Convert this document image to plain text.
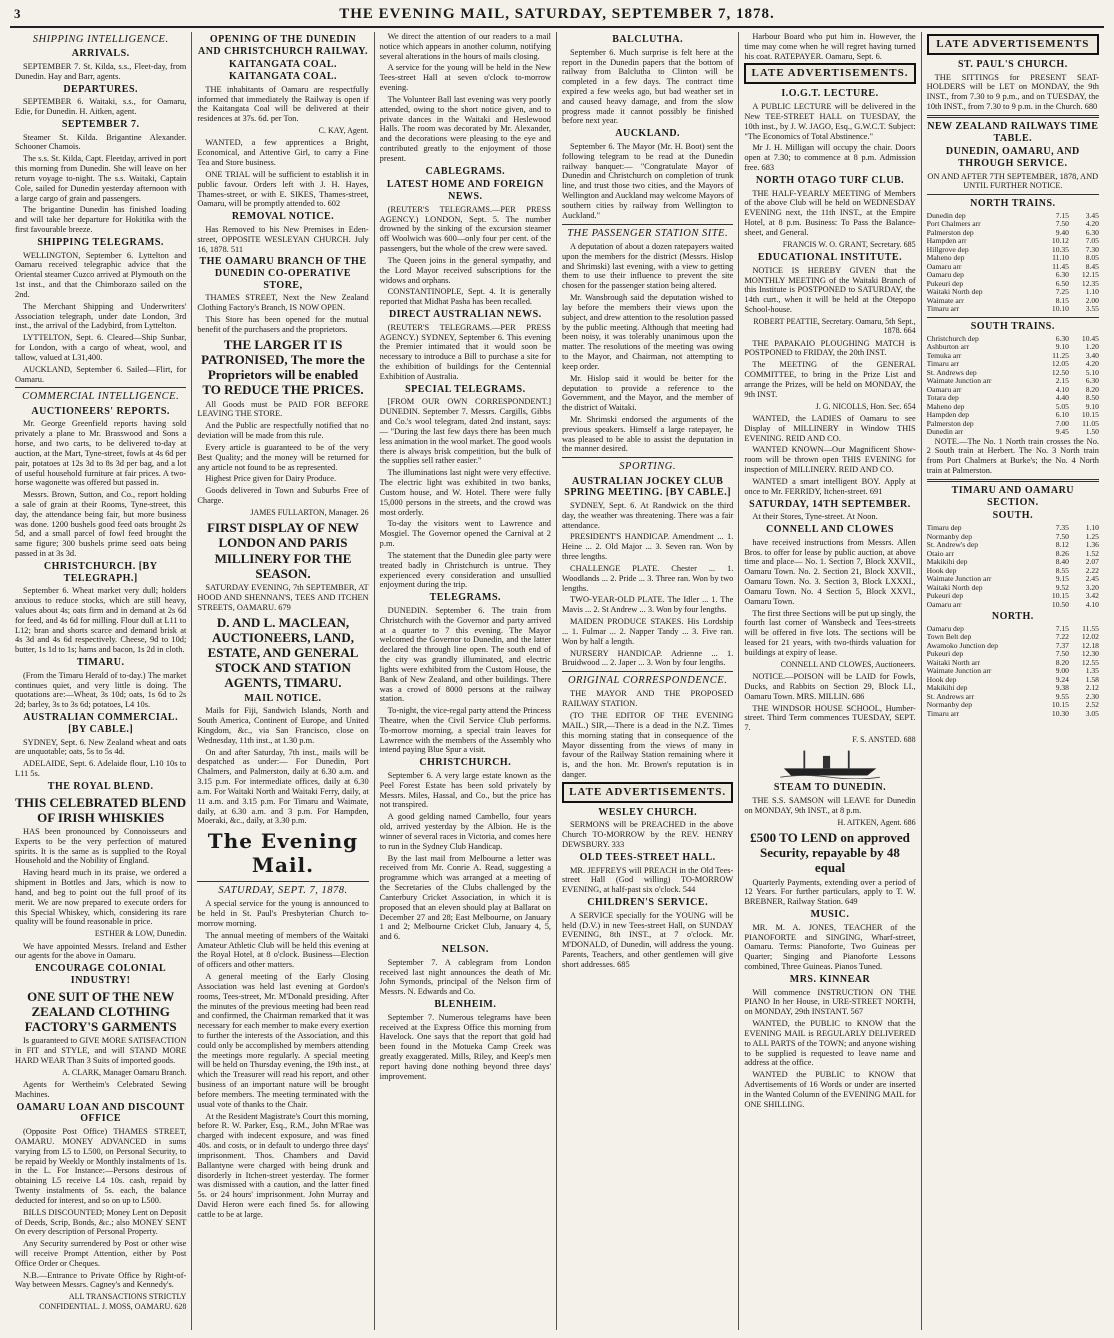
3	THE EVENING MAIL, SATURDAY, SEPTEMBER 7, 1878.
SHIPPING INTELLIGENCE.
ARRIVALS.
SEPTEMBER 7. St. Kilda, s.s., Fleet-day, from Dunedin. Hay and Barr, agents.
DEPARTURES.
SEPTEMBER 6. Waitaki, s.s., for Oamaru, Edie, for Dunedin. H. Aitken, agent.
SEPTEMBER 7.
Steamer St. Kilda. Brigantine Alexander. Schooner Chamois.
The s.s. St. Kilda, Capt. Fleetday, arrived in port this morning from Dunedin. She will leave on her return voyage to-night. The s.s. Waitaki, Captain Cole, sailed for Dunedin yesterday afternoon with a large cargo of grain and passengers.
The brigantine Dunedin has finished loading and will take her departure for Hokitika with the first favourable breeze.
SHIPPING TELEGRAMS.
WELLINGTON, September 6. Lyttelton and Oamaru received telegraphic advice that the Oriental steamer Cuzco arrived at Plymouth on the 1st inst., and that the Chimborazo sailed on the 2nd.
The Merchant Shipping and Underwriters' Association telegraph, under date London, 3rd inst., the arrival of the Ladybird, from Lyttelton.
LYTTELTON, Sept. 6. Cleared—Ship Sunbar, for London, with a cargo of wheat, wool, and tallow, valued at L31,400.
AUCKLAND, September 6. Sailed—Flirt, for Oamaru.
COMMERCIAL INTELLIGENCE.
AUCTIONEERS' REPORTS.
Mr. George Greenfield reports having sold privately a plane to Mr. Brasswood and Sons a horse, and two carts, to be delivered to-day at auction, at the Mart, Tyne-street, fowls at 4s 6d per pair, potatoes at 12s 3d to 8s 3d per bag, and a lot of useful household furniture at fair prices. A two-horse wagonette was offered but passed in.
Messrs. Brown, Sutton, and Co., report holding a sale of grain at their Rooms, Tyne-street, this day, the attendance being fair, but more business was done. 1200 bushels good feed oats brought 2s 5d, and a small parcel of fowl feed brought the same figure; 300 bushels prime seed oats being passed in at 3s 3d.
CHRISTCHURCH. [BY TELEGRAPH.]
September 6. Wheat market very dull; holders anxious to reduce stocks, which are still heavy, values about 4s; oats firm and in demand at 2s 6d for feed, and 4s 6d for milling. Flour dull at L11 to L12; bran and shorts scarce and demand brisk at 4s 3d and 4s 6d respectively. Cheese, 9d to 10d; butter, 1s 1d to 1s; hams and bacon, 1s 2d in cloth.
TIMARU.
(From the Timaru Herald of to-day.) The market continues quiet, and very little is doing. The quotations are:—Wheat, 3s 10d; oats, 1s 6d to 2s 2d; barley, 3s to 3s 6d; potatoes, L4 10s.
AUSTRALIAN COMMERCIAL. [BY CABLE.]
SYDNEY, Sept. 6. New Zealand wheat and oats are unquotable; oats, 5s to 5s 4d.
ADELAIDE, Sept. 6. Adelaide flour, L10 10s to L11 5s.
THE ROYAL BLEND.
THIS CELEBRATED BLEND OF IRISH WHISKIES
HAS been pronounced by Connoisseurs and Experts to be the very perfection of matured spirits. It is the same as is supplied to the Royal Household and the Nobility of England.
Having heard much in its praise, we ordered a shipment in Bottles and Jars, which is now to hand, and beg to point out the full proof of its merit. We are now prepared to execute orders for this Special Whiskey, which, considering its rare quality will be found reasonable in price.
ESTHER & LOW, Dunedin.
We have appointed Messrs. Ireland and Esther our agents for the above in Oamaru.
ENCOURAGE COLONIAL INDUSTRY!
ONE SUIT OF THE NEW ZEALAND CLOTHING FACTORY'S GARMENTS
Is guaranteed to GIVE MORE SATISFACTION in FIT and STYLE, and will STAND MORE HARD WEAR Than 3 Suits of imported goods.
A. CLARK, Manager Oamaru Branch.
Agents for Wertheim's Celebrated Sewing Machines.
OAMARU LOAN AND DISCOUNT OFFICE
(Opposite Post Office) THAMES STREET, OAMARU. MONEY ADVANCED in sums varying from L5 to L500, on Personal Security, to be repaid by Weekly or Monthly instalments of 1s. in the L. For Instance:—Persons desirous of obtaining L5 receive L4 10s. cash, repaid by Twenty instalments of 5s. each, the balance deducted for interest, and so on up to L500.
BILLS DISCOUNTED; Money Lent on Deposit of Deeds, Scrip, Bonds, &c.; also MONEY SENT On every description of Personal Property.
Any Security surrendered by Post or other wise will receive Prompt Attention, either by Post Office Order or Cheques.
N.B.—Entrance to Private Office by Right-of-Way between Messrs. Cagney's and Kennedy's.
ALL TRANSACTIONS STRICTLY CONFIDENTIAL. J. MOSS, OAMARU. 628
OPENING OF THE DUNEDIN AND CHRISTCHURCH RAILWAY.
KAITANGATA COAL. KAITANGATA COAL.
THE inhabitants of Oamaru are respectfully informed that immediately the Railway is open if the Kaitangata Coal will be delivered at their residences at 37s. 6d. per Ton.
C. KAY, Agent.
WANTED, a few apprentices a Bright, Economical, and Attentive Girl, to carry a Fine Tea and Store business.
ONE TRIAL will be sufficient to establish it in public favour. Orders left with J. H. Hayes, Thames-street, or with E. SIKES, Thames-street, Oamaru, will be promptly attended to. 602
REMOVAL NOTICE.
Has Removed to his New Premises in Eden-street, OPPOSITE WESLEYAN CHURCH. July 16, 1878. 511
THE OAMARU BRANCH OF THE DUNEDIN CO-OPERATIVE STORE,
THAMES STREET, Next the New Zealand Clothing Factory's Branch, IS NOW OPEN.
This Store has been opened for the mutual benefit of the purchasers and the proprietors.
THE LARGER IT IS PATRONISED, The more the Proprietors will be enabled TO REDUCE THE PRICES.
All Goods must be PAID FOR BEFORE LEAVING THE STORE.
And the Public are respectfully notified that no deviation will be made from this rule.
Every article is guaranteed to be of the very Best Quality; and the money will be returned for any article not found to be as represented.
Highest Price given for Dairy Produce.
Goods delivered in Town and Suburbs Free of Charge.
JAMES FULLARTON, Manager. 26
FIRST DISPLAY OF NEW LONDON AND PARIS MILLINERY FOR THE SEASON.
SATURDAY EVENING, 7th SEPTEMBER, AT HOOD AND SHENNAN'S, TEES AND ITCHEN STREETS, OAMARU. 679
D. AND L. MACLEAN, AUCTIONEERS, LAND, ESTATE, AND GENERAL STOCK AND STATION AGENTS, TIMARU.
MAIL NOTICE.
Mails for Fiji, Sandwich Islands, North and South America, Continent of Europe, and United Kingdom, &c., via San Francisco, close on Wednesday, 11th inst., at 1.30 p.m.
On and after Saturday, 7th inst., mails will be despatched as under:— For Dunedin, Port Chalmers, and Palmerston, daily at 6.30 a.m. and 3.15 p.m. For intermediate offices, daily at 6.30 a.m. For Waitaki North and Waitaki Ferry, daily, at 11 a.m. and 3.15 p.m. For Timaru and Waimate, daily, at 6.30 a.m. and 3 p.m. For Hampden, Moeraki, &c., daily, at 3.30 p.m.
The Evening Mail.
SATURDAY, SEPT. 7, 1878.
A special service for the young is announced to be held in St. Paul's Presbyterian Church to-morrow morning.
The annual meeting of members of the Waitaki Amateur Athletic Club will be held this evening at the Royal Hotel, at 8 o'clock. Business—Election of officers and other matters.
A general meeting of the Early Closing Association was held last evening at Gordon's rooms, Tees-street, Mr. M'Donald presiding. After the minutes of the previous meeting had been read and confirmed, the Chairman remarked that it was necessary for each member to make every exertion to further the interests of the Association, and this could only be accomplished by members attending the meetings more regularly. A special meeting will be held on Thursday evening, the 19th inst., at which the Treasurer will read his report, and other business of an important nature will be brought before members. The meeting terminated with the usual vote of thanks to the Chair.
At the Resident Magistrate's Court this morning, before R. W. Parker, Esq., R.M., John M'Rae was charged with indecent exposure, and was fined 40s. and costs, or in default to undergo three days' imprisonment. Thos. Chambers and David Ballantyne were charged with being drunk and disorderly in Itchen-street yesterday. The former was dismissed with a caution, and the latter fined 5s. or 24 hours' imprisonment. John Murray and David Heron were each fined 5s. for allowing cattle to be at large.
We direct the attention of our readers to a mail notice which appears in another column, notifying several alterations in the hours of mails closing.
A service for the young will be held in the New Tees-street Hall at seven o'clock to-morrow evening.
The Volunteer Ball last evening was very poorly attended, owing to the short notice given, and to private dances in the Waitaki and Heslewood Halls. The room was decorated by Mr. Alexander, and the decorations were pleasing to the eye and contributed greatly to the enjoyment of those present.
CABLEGRAMS.
LATEST HOME AND FOREIGN NEWS.
(REUTER'S TELEGRAMS.—PER PRESS AGENCY.) LONDON, Sept. 5. The number drowned by the sinking of the excursion steamer off Woolwich was 600—only four per cent. of the passengers, but the whole of the crew were saved.
The Queen joins in the general sympathy, and the Lord Mayor received subscriptions for the widows and orphans.
CONSTANTINOPLE, Sept. 4. It is generally reported that Midhat Pasha has been recalled.
DIRECT AUSTRALIAN NEWS.
(REUTER'S TELEGRAMS.—PER PRESS AGENCY.) SYDNEY, September 6. This evening the Premier intimated that it would soon be necessary to introduce a Bill to purchase a site for the exhibition of buildings for the Centennial Exhibition of Australia.
SPECIAL TELEGRAMS.
[FROM OUR OWN CORRESPONDENT.] DUNEDIN. September 7. Messrs. Cargills, Gibbs and Co.'s wool telegram, dated 2nd instant, says:— "During the last few days there has been much less animation in the wool market. The good wools there is always brisk competition, but the bulk of the supplies sell rather easier."
The illuminations last night were very effective. The electric light was exhibited in two banks, Custom house, and W. Hotel. There were fully 15,000 persons in the streets, and the crowd was most orderly.
To-day the visitors went to Lawrence and Mosgiel. The Governor opened the Carnival at 2 p.m.
The statement that the Dunedin glee party were treated badly in Christchurch is untrue. They experienced every consideration and unsullied enjoyment during the trip.
TELEGRAMS.
DUNEDIN. September 6. The train from Christchurch with the Governor and party arrived at a quarter to 7 this evening. The Mayor welcomed the Governor to Dunedin, and the latter declared the through line open. The south end of the city was grandly illuminated, and electric lights were exhibited from the Custom House, the Bank of New Zealand, and other buildings. There was a crowd of 8000 persons at the railway station.
To-night, the vice-regal party attend the Princess Theatre, when the Civil Service Club performs. To-morrow morning, a special train leaves for Lawrence with the members of the Assembly who intend paying Blue Spur a visit.
CHRISTCHURCH.
September 6. A very large estate known as the Peel Forest Estate has been sold privately by Messrs. Miles, Hassal, and Co., but the price has not transpired.
A good gelding named Cambello, four years old, arrived yesterday by the Albion. He is the winner of several races in Victoria, and comes here to run in the Sydney Club Handicap.
By the last mail from Melbourne a letter was received from Mr. Conrie A. Read, suggesting a programme which was arranged at a meeting of the Secretaries of the Clubs challenged by the Canterbury Cricket Association, in which it is proposed that an eleven should play at Ballarat on December 27 and 28; East Melbourne, on January 1 and 2; Melbourne Cricket Club, January 4, 5, and 6.
NELSON.
September 7. A cablegram from London received last night announces the death of Mr. John Symonds, principal of the Nelson firm of Messrs. N. Edwards and Co.
BLENHEIM.
September 7. Numerous telegrams have been received at the Express Office this morning from Havelock. One says that the report that gold had been found in the Motueka Camp Creek was greatly exaggerated. Mills, Riley, and Keep's men report having done nothing beyond three days' improvement.
BALCLUTHA.
September 6. Much surprise is felt here at the report in the Dunedin papers that the bottom of railway from Balclutha to Clinton will be completed in a few days. The contract time expired a few weeks ago, but bad weather set in and caused heavy damage, and from the slow progress made it cannot possibly be finished before next year.
AUCKLAND.
September 6. The Mayor (Mr. H. Boot) sent the following telegram to be read at the Dunedin railway banquet:— "Congratulate Mayor of Dunedin and Christchurch on completion of trunk line, and trust those two cities, and the Mayors of Wellington and Auckland may welcome Mayors of southern cities by railway from Wellington to Auckland."
THE PASSENGER STATION SITE.
A deputation of about a dozen ratepayers waited upon the members for the district (Messrs. Hislop and Shrimski) last evening, with a view to getting them to use their influence to prevent the site chosen for the passenger station being altered.
Mr. Wansbrough said the deputation wished to lay before the members their views upon the subject, and drew attention to the resolution passed by the public meeting. Although that meeting had been noisy, it was tolerably unanimous upon the matter. The resolutions of the meeting was owing to the Mayor, and Chairman, not attempting to keep order.
Mr. Hislop said it would be better for the deputation to provide a reference to the Government, and the Mayor, and the member of the district of Waitaki.
Mr. Shrimski endorsed the arguments of the previous speakers. Himself a large ratepayer, he was pleased to be able to assist the deputation in the manner desired.
SPORTING.
AUSTRALIAN JOCKEY CLUB SPRING MEETING. [BY CABLE.]
SYDNEY, Sept. 6. At Randwick on the third day, the weather was threatening. There was a fair attendance.
PRESIDENT'S HANDICAP. Amendment ... 1. Heine ... 2. Old Major ... 3. Seven ran. Won by three lengths.
CHALLENGE PLATE. Chester ... 1. Woodlands ... 2. Pride ... 3. Three ran. Won by two lengths.
TWO-YEAR-OLD PLATE. The Idler ... 1. The Mavis ... 2. St Andrew ... 3. Won by four lengths.
MAIDEN PRODUCE STAKES. His Lordship ... 1. Fulmar ... 2. Napper Tandy ... 3. Five ran. Won by half a length.
NURSERY HANDICAP. Adrienne ... 1. Bruidwood ... 2. Japer ... 3. Won by four lengths.
ORIGINAL CORRESPONDENCE.
THE MAYOR AND THE PROPOSED RAILWAY STATION.
(TO THE EDITOR OF THE EVENING MAIL.) SIR,—There is a dead in the N.Z. Times this morning stating that in consequence of the Mayor dissenting from the views of many in favour of the Railway Station remaining where it is, and the hon. Mr. Brown's reputation is in danger.
LATE ADVERTISEMENTS.
WESLEY CHURCH.
SERMONS will be PREACHED in the above Church TO-MORROW by the REV. HENRY DEWSBURY. 333
OLD TEES-STREET HALL.
MR. JEFFREYS will PREACH in the Old Tees-street Hall (God willing) TO-MORROW EVENING, at half-past six o'clock. 544
CHILDREN'S SERVICE.
A SERVICE specially for the YOUNG will be held (D.V.) in new Tees-street Hall, on SUNDAY EVENING, 8th INST., at 7 o'clock. Mr. M'DONALD, of Dunedin, will address the young. Parents, Teachers, and other gentlemen will give short addresses. 685
Harbour Board who put him in. However, the time may come when he will regret having turned his coat. RATEPAYER. Oamaru, Sept. 6.
LATE ADVERTISEMENTS.
I.O.G.T. LECTURE.
A PUBLIC LECTURE will be delivered in the New TEE-STREET HALL on TUESDAY, the 10th inst., by J. W. JAGO, Esq., G.W.C.T. Subject: "The Economics of Total Abstinence."
Mr J. H. Milligan will occupy the chair. Doors open at 7.30; to commence at 8 p.m. Admission free. 683
NORTH OTAGO TURF CLUB.
THE HALF-YEARLY MEETING of Members of the above Club will be held on WEDNESDAY EVENING next, the 11th INST., at the Empire Hotel, at 8 p.m. Business: To Pass the Balance-sheet, and General.
FRANCIS W. O. GRANT, Secretary. 685
EDUCATIONAL INSTITUTE.
NOTICE IS HEREBY GIVEN that the MONTHLY MEETING of the Waitaki Branch of this Institute is POSTPONED to SATURDAY, the 14th curt., when it will be held at the Otepopo School-house.
ROBERT PEATTIE, Secretary. Oamaru, 5th Sept., 1878. 664
THE PAPAKAIO PLOUGHING MATCH is POSTPONED to FRIDAY, the 20th INST.
The MEETING of the GENERAL COMMITTEE, to bring in the Prize List and arrange the Prizes, will be held on MONDAY, the 9th INST.
J. G. NICOLLS, Hon. Sec. 654
WANTED, the LADIES of Oamaru to see Display of MILLINERY in Window THIS EVENING. REID AND CO.
WANTED KNOWN—Our Magnificent Show-room will be thrown open THIS EVENING for inspection of MILLINERY. REID AND CO.
WANTED a smart intelligent BOY. Apply at once to Mr. FERRIDY, Itchen-street. 691
SATURDAY, 14TH SEPTEMBER.
At their Stores, Tyne-street. At Noon.
CONNELL AND CLOWES
have received instructions from Messrs. Allen Bros. to offer for lease by public auction, at above time and place— No. 1. Section 7, Block XXVII., Oamaru Town. No. 2. Section 21, Block XXVII., Oamaru Town. No. 3. Section 3, Block LXXXI., Oamaru Town. No. 4 Section 5, Block XXVI., Oamaru Town.
The first three Sections will be put up singly, the fourth last corner of Wansbeck and Tees-streets will be offered in five lots. The sections will be leased for 21 years, with two-thirds valuation for buildings at expiry of lease.
CONNELL AND CLOWES, Auctioneers.
NOTICE.—POISON will be LAID for Fowls, Ducks, and Rabbits on Section 29, Block LI., Oamaru Town. MRS. MILLIN. 686
THE WINDSOR HOUSE SCHOOL, Humber-street. Third Term commences TUESDAY, SEPT. 7.
F. S. ANSTED. 688
STEAM TO DUNEDIN.
THE S.S. SAMSON will LEAVE for Dunedin on MONDAY, 9th INST., at 8 p.m.
H. AITKEN, Agent. 686
£500 TO LEND on approved Security, repayable by 48 equal
Quarterly Payments, extending over a period of 12 Years. For further particulars, apply to T. W. BREBNER, Railway Station. 649
MUSIC.
MR. M. A. JONES, TEACHER of the PIANOFORTE and SINGING, Wharf-street, Oamaru. Terms: Pianoforte, Two Guineas per Quarter; Singing and Pianoforte Lessons combined, Three Guineas. Pianos Tuned.
MRS. KINNEAR
Will commence INSTRUCTION ON THE PIANO In her House, in URE-STREET NORTH, on MONDAY, 29th INSTANT. 567
WANTED, the PUBLIC to KNOW that the EVENING MAIL is REGULARLY DELIVERED to ALL PARTS of the TOWN; and anyone wishing to be supplied is requested to leave name and address at the office.
WANTED the PUBLIC to KNOW that Advertisements of 16 Words or under are inserted in the Wanted Column of the EVENING MAIL for ONE SHILLING.
LATE ADVERTISEMENTS
ST. PAUL'S CHURCH.
THE SITTINGS for PRESENT SEAT-HOLDERS will be LET on MONDAY, the 9th INST., from 7.30 to 9 p.m., and on TUESDAY, the 10th INST., from 7.30 to 9 p.m. in the Church. 680
NEW ZEALAND RAILWAYS TIME TABLE.
DUNEDIN, OAMARU, AND THROUGH SERVICE.
ON AND AFTER 7TH SEPTEMBER, 1878, AND UNTIL FURTHER NOTICE.
NORTH TRAINS.
Dunedin dep	7.15	3.45
Port Chalmers arr	7.50	4.20
Palmerston dep	9.40	6.30
Hampden arr	10.12	7.05
Hillgrove dep	10.35	7.30
Maheno dep	11.10	8.05
Oamaru arr	11.45	8.45
Oamaru dep	6.30	12.15
Pukeuri dep	6.50	12.35
Waitaki North dep	7.25	1.10
Waimate arr	8.15	2.00
Timaru arr	10.10	3.55
SOUTH TRAINS.
Christchurch dep	6.30	10.45
Ashburton arr	9.10	1.20
Temuka arr	11.25	3.40
Timaru arr	12.05	4.20
St. Andrews dep	12.50	5.10
Waimate Junction arr	2.15	6.30
Oamaru arr	4.10	8.20
Totara dep	4.40	8.50
Maheno dep	5.05	9.10
Hampden dep	6.10	10.15
Palmerston dep	7.00	11.05
Dunedin arr	9.45	1.50
NOTE.—The No. 1 North train crosses the No. 2 South train at Herbert. The No. 3 North train from Port Chalmers at Burke's; the No. 4 North train at Palmerston.
TIMARU AND OAMARU SECTION.
SOUTH.
Timaru dep	7.35	1.10
Normanby dep	7.50	1.25
St. Andrew's dep	8.12	1.36
Otaio arr	8.26	1.52
Makikihi dep	8.40	2.07
Hook dep	8.55	2.22
Waimate Junction arr	9.15	2.45
Waitaki North dep	9.52	3.20
Pukeuri dep	10.15	3.42
Oamaru arr	10.50	4.10
NORTH.
Oamaru dep	7.15	11.55
Town Belt dep	7.22	12.02
Awamoko Junction dep	7.37	12.18
Pukeuri dep	7.50	12.30
Waitaki North arr	8.20	12.55
Waimate Junction arr	9.00	1.35
Hook dep	9.24	1.58
Makikihi dep	9.38	2.12
St. Andrews arr	9.55	2.30
Normanby dep	10.15	2.52
Timaru arr	10.30	3.05
